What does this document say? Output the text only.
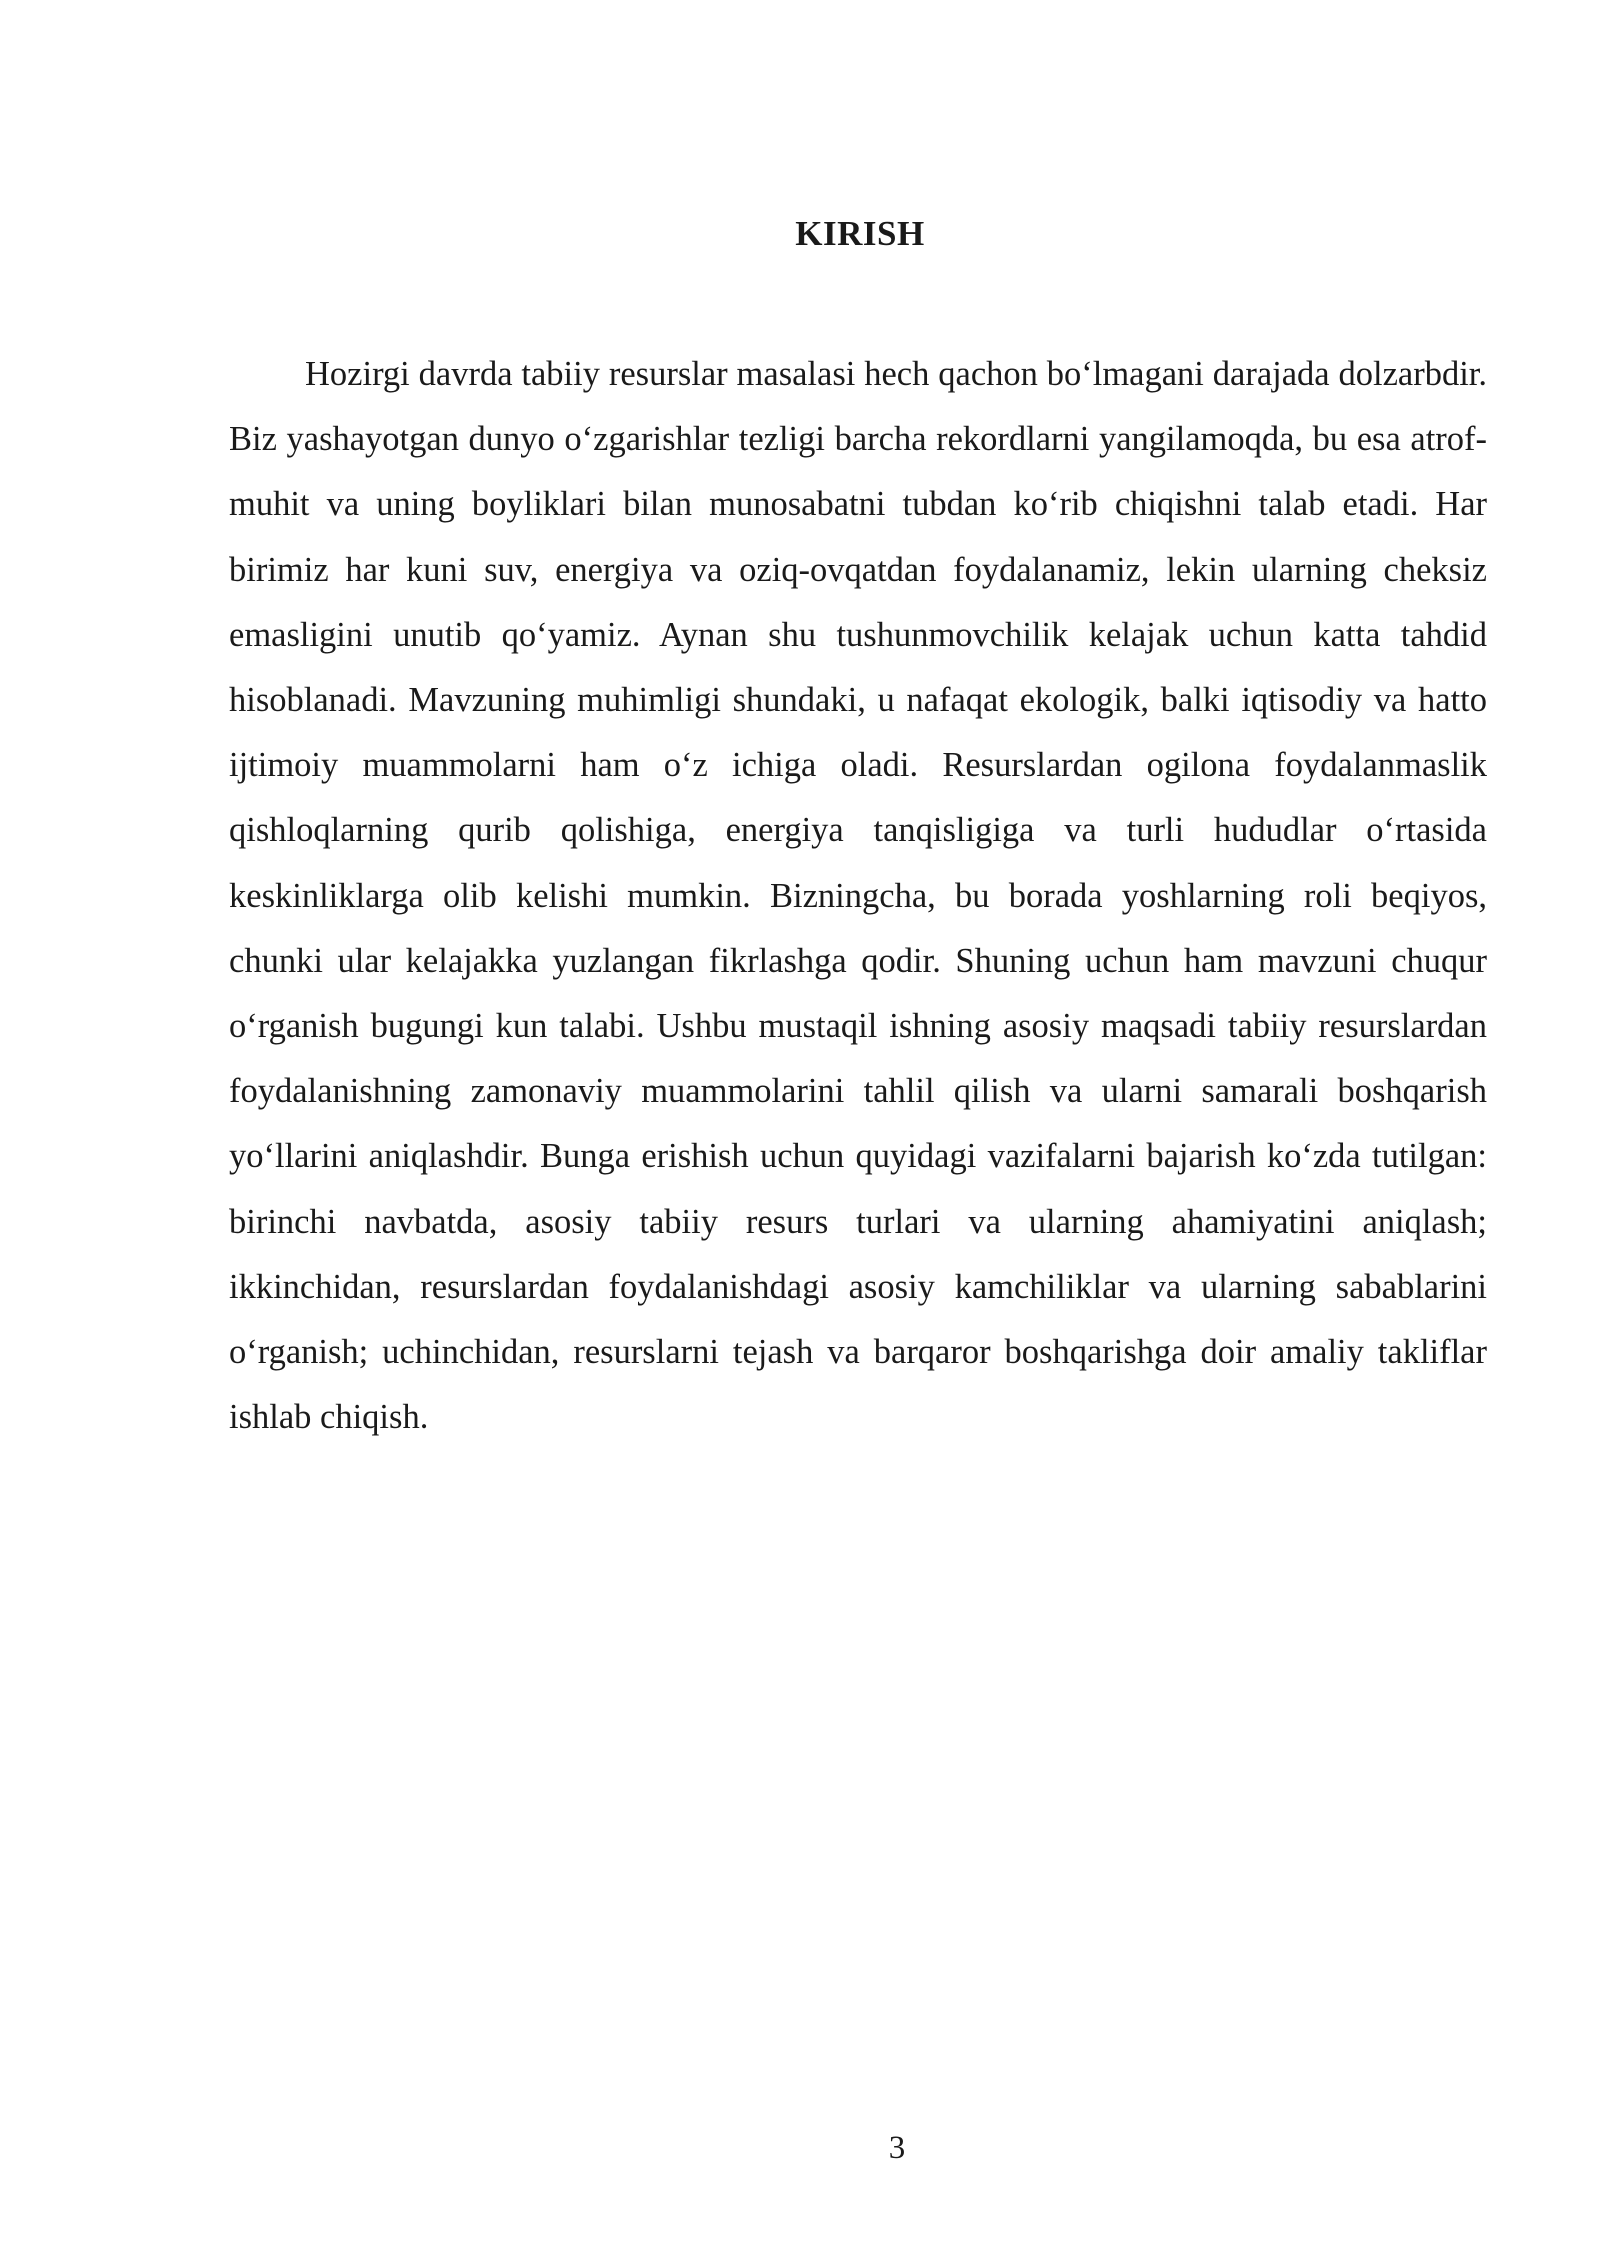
KIRISH

Hozirgi davrda tabiiy resurslar masalasi hech qachon bo‘lmagani darajada dolzarbdir. Biz yashayotgan dunyo o‘zgarishlar tezligi barcha rekordlarni yangilamoqda, bu esa atrof-muhit va uning boyliklari bilan munosabatni tubdan ko‘rib chiqishni talab etadi. Har birimiz har kuni suv, energiya va oziq-ovqatdan foydalanamiz, lekin ularning cheksiz emasligini unutib qo‘yamiz. Aynan shu tushunmovchilik kelajak uchun katta tahdid hisoblanadi. Mavzuning muhimligi shundaki, u nafaqat ekologik, balki iqtisodiy va hatto ijtimoiy muammolarni ham o‘z ichiga oladi. Resurslardan ogilona foydalanmaslik qishloqlarning qurib qolishiga, energiya tanqisligiga va turli hududlar o‘rtasida keskinliklarga olib kelishi mumkin. Bizningcha, bu borada yoshlarning roli beqiyos, chunki ular kelajakka yuzlangan fikrlashga qodir. Shuning uchun ham mavzuni chuqur o‘rganish bugungi kun talabi. Ushbu mustaqil ishning asosiy maqsadi tabiiy resurslardan foydalanishning zamonaviy muammolarini tahlil qilish va ularni samarali boshqarish yo‘llarini aniqlashdir. Bunga erishish uchun quyidagi vazifalarni bajarish ko‘zda tutilgan: birinchi navbatda, asosiy tabiiy resurs turlari va ularning ahamiyatini aniqlash; ikkinchidan, resurslardan foydalanishdagi asosiy kamchiliklar va ularning sabablarini o‘rganish; uchinchidan, resurslarni tejash va barqaror boshqarishga doir amaliy takliflar ishlab chiqish.

3
